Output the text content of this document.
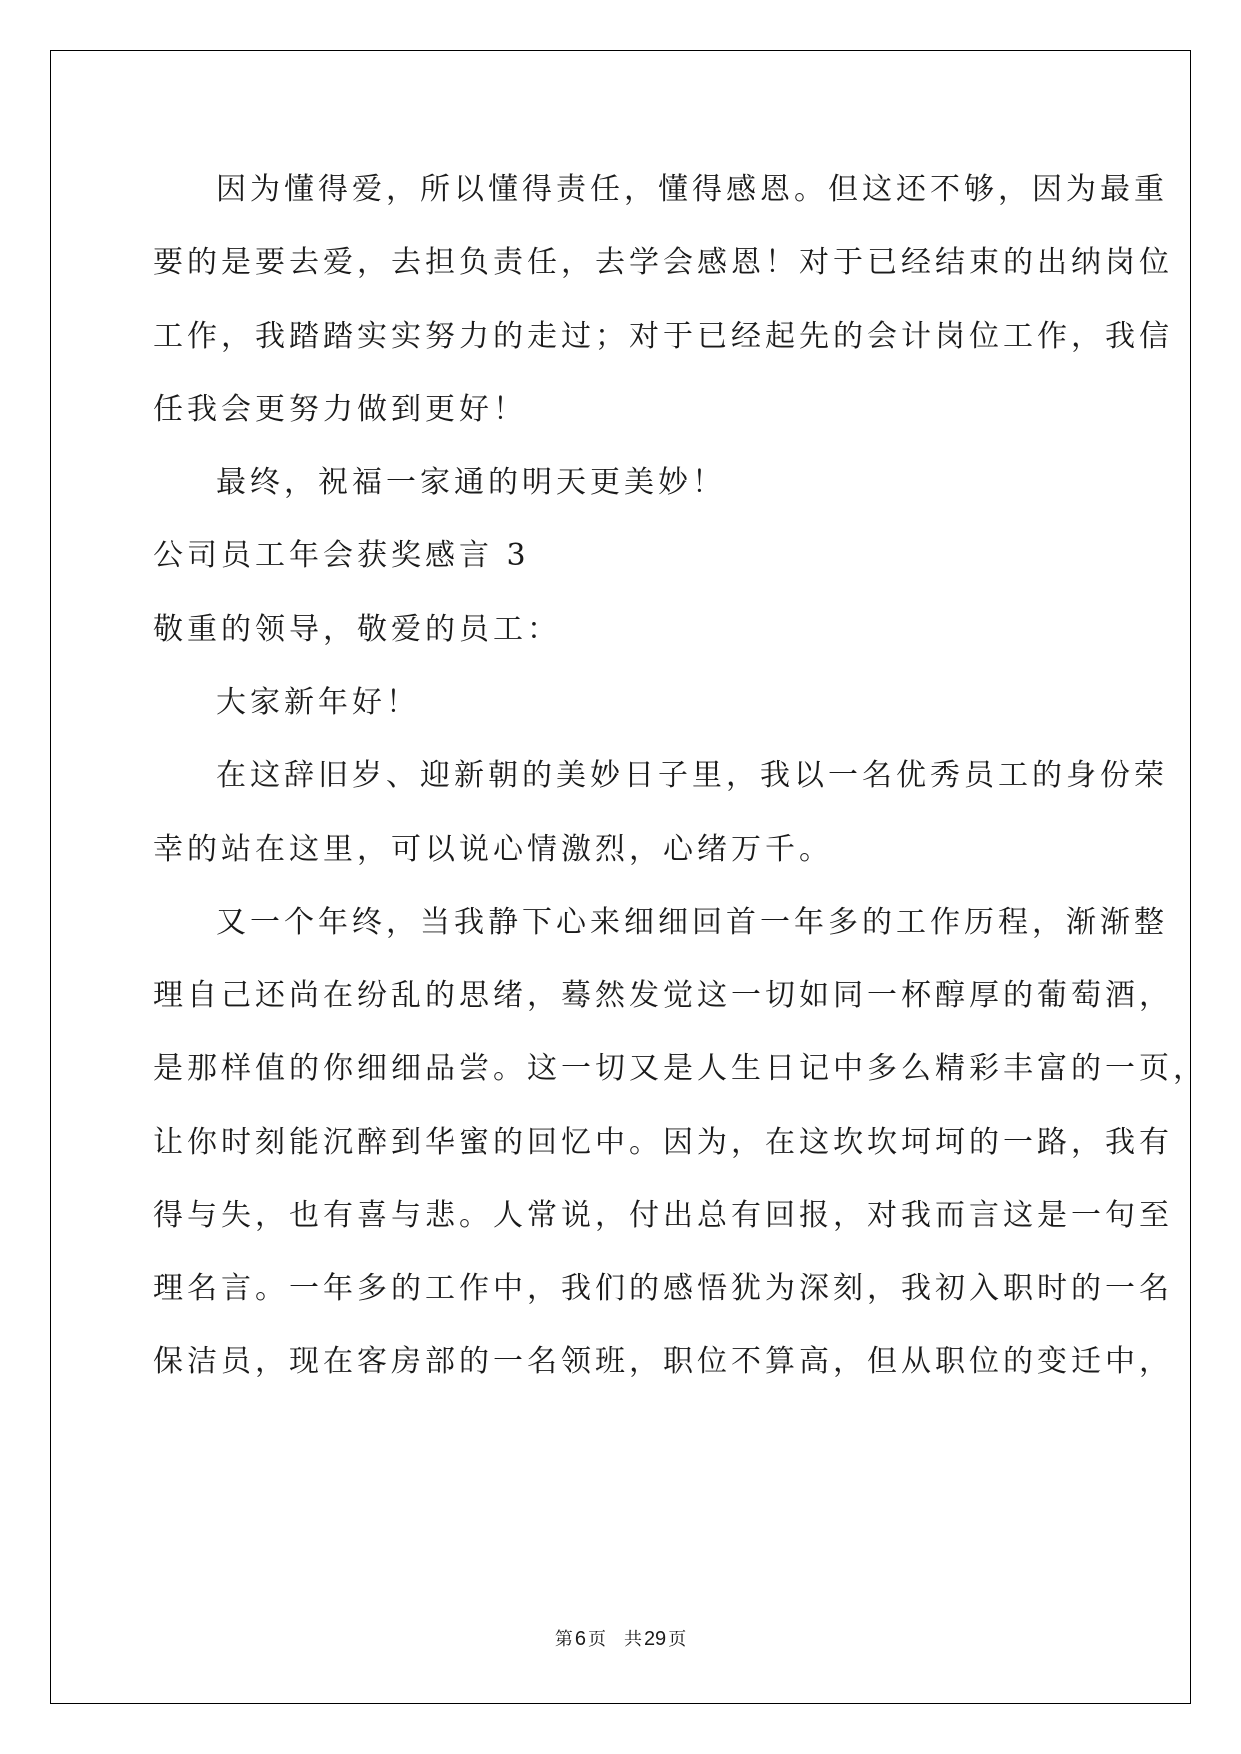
因为懂得爱，所以懂得责任，懂得感恩。但这还不够，因为最重
要的是要去爱，去担负责任，去学会感恩！对于已经结束的出纳岗位
工作，我踏踏实实努力的走过；对于已经起先的会计岗位工作，我信
任我会更努力做到更好！
最终，祝福一家通的明天更美妙！
公司员工年会获奖感言 3
敬重的领导，敬爱的员工：
大家新年好！
在这辞旧岁、迎新朝的美妙日子里，我以一名优秀员工的身份荣
幸的站在这里，可以说心情激烈，心绪万千。
又一个年终，当我静下心来细细回首一年多的工作历程，渐渐整
理自己还尚在纷乱的思绪，蓦然发觉这一切如同一杯醇厚的葡萄酒，
是那样值的你细细品尝。这一切又是人生日记中多么精彩丰富的一页，
让你时刻能沉醉到华蜜的回忆中。因为，在这坎坎坷坷的一路，我有
得与失，也有喜与悲。人常说，付出总有回报，对我而言这是一句至
理名言。一年多的工作中，我们的感悟犹为深刻，我初入职时的一名
保洁员，现在客房部的一名领班，职位不算高，但从职位的变迁中，
第 6 页 共 29 页
